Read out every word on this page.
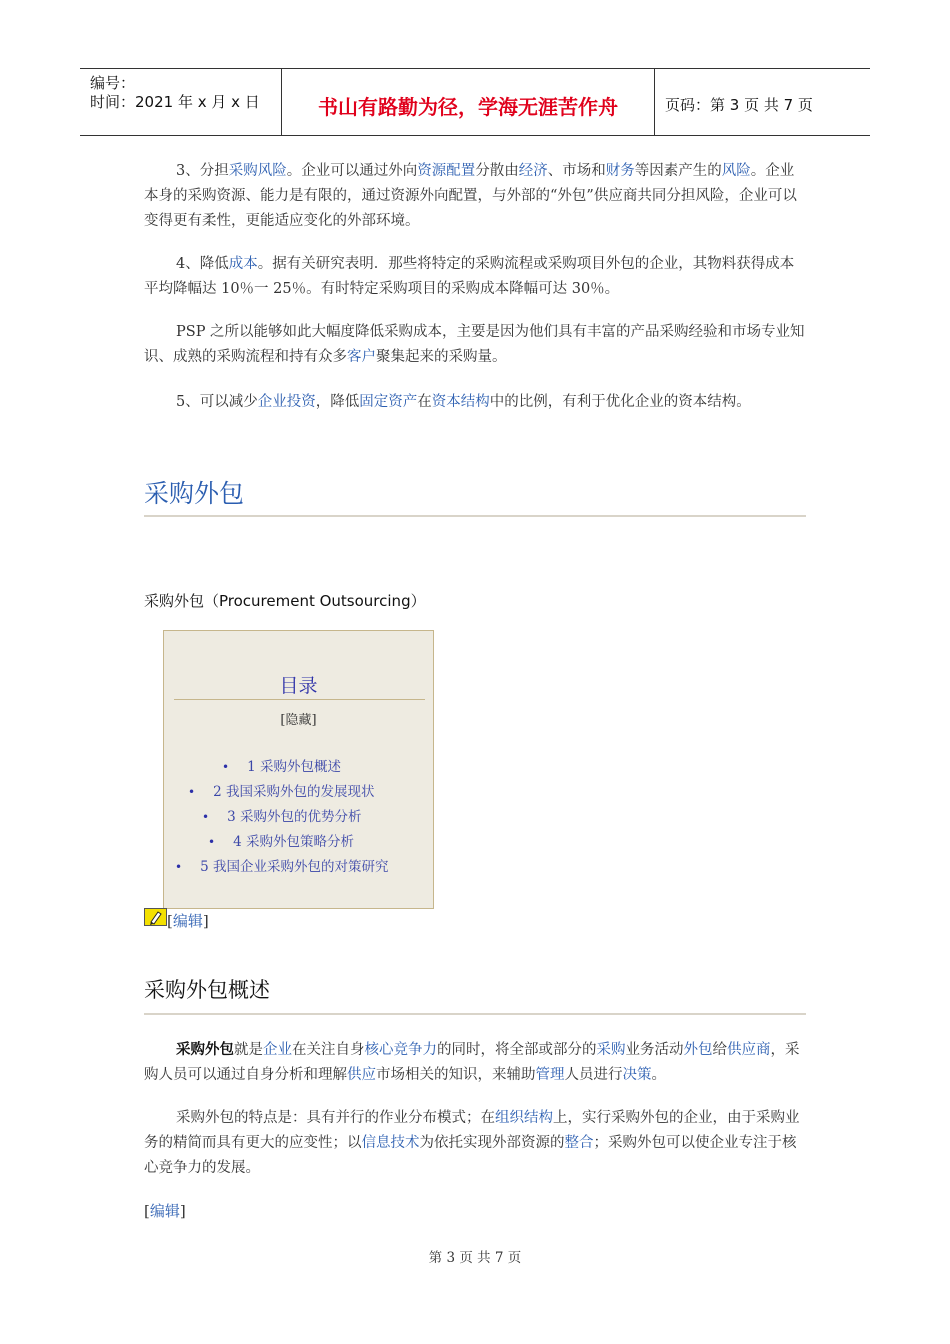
编号：
时间：2021 年 x 月 x 日	书山有路勤为径，学海无涯苦作舟	页码：第 3 页 共 7 页
3、分担采购风险。企业可以通过外向资源配置分散由经济、市场和财务等因素产生的风险。企业本身的采购资源、能力是有限的，通过资源外向配置，与外部的“外包”供应商共同分担风险，企业可以变得更有柔性，更能适应变化的外部环境。
4、降低成本。据有关研究表明．那些将特定的采购流程或采购项目外包的企业，其物料获得成本平均降幅达 10％一 25％。有时特定采购项目的采购成本降幅可达 30％。
PSP 之所以能够如此大幅度降低采购成本，主要是因为他们具有丰富的产品采购经验和市场专业知识、成熟的采购流程和持有众多客户聚集起来的采购量。
5、可以减少企业投资，降低固定资产在资本结构中的比例，有利于优化企业的资本结构。
采购外包
采购外包（Procurement Outsourcing）
目录
[隐藏]
• 1 采购外包概述
• 2 我国采购外包的发展现状
• 3 采购外包的优势分析
• 4 采购外包策略分析
• 5 我国企业采购外包的对策研究
[编辑]
采购外包概述
采购外包就是企业在关注自身核心竞争力的同时，将全部或部分的采购业务活动外包给供应商，采购人员可以通过自身分析和理解供应市场相关的知识，来辅助管理人员进行决策。
采购外包的特点是：具有并行的作业分布模式；在组织结构上，实行采购外包的企业，由于采购业务的精简而具有更大的应变性；以信息技术为依托实现外部资源的整合；采购外包可以使企业专注于核心竞争力的发展。
[编辑]
第 3 页 共 7 页
